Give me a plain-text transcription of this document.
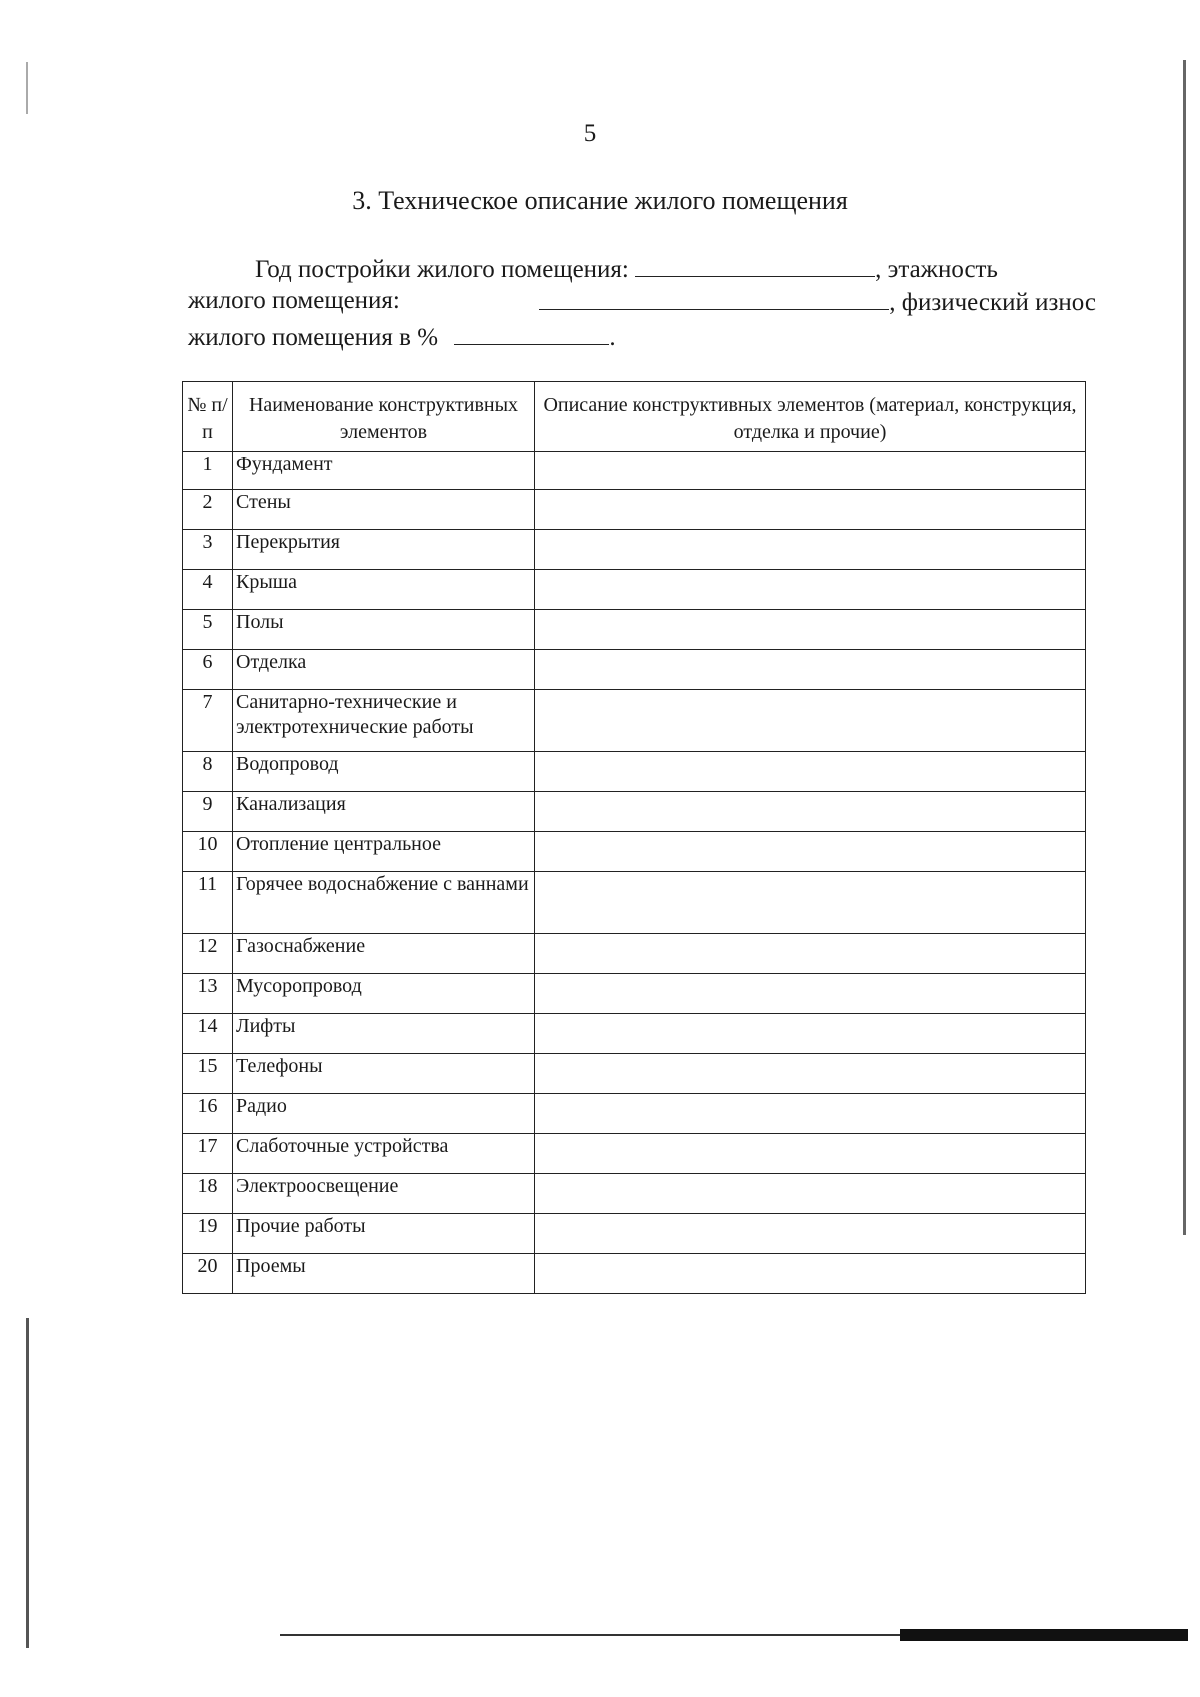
5
3. Техническое описание жилого помещения
Год постройки жилого помещения:	, этажность
жилого помещения:	, физический износ
жилого помещения в %	.
№ п/п	Наименование конструктивных элементов	Описание конструктивных элементов (материал, конструкция, отделка и прочие)
1	Фундамент	
2	Стены	
3	Перекрытия	
4	Крыша	
5	Полы	
6	Отделка	
7	Санитарно-технические и электротехнические работы	
8	Водопровод	
9	Канализация	
10	Отопление центральное	
11	Горячее водоснабжение с ваннами	
12	Газоснабжение	
13	Мусоропровод	
14	Лифты	
15	Телефоны	
16	Радио	
17	Слаботочные устройства	
18	Электроосвещение	
19	Прочие работы	
20	Проемы	
